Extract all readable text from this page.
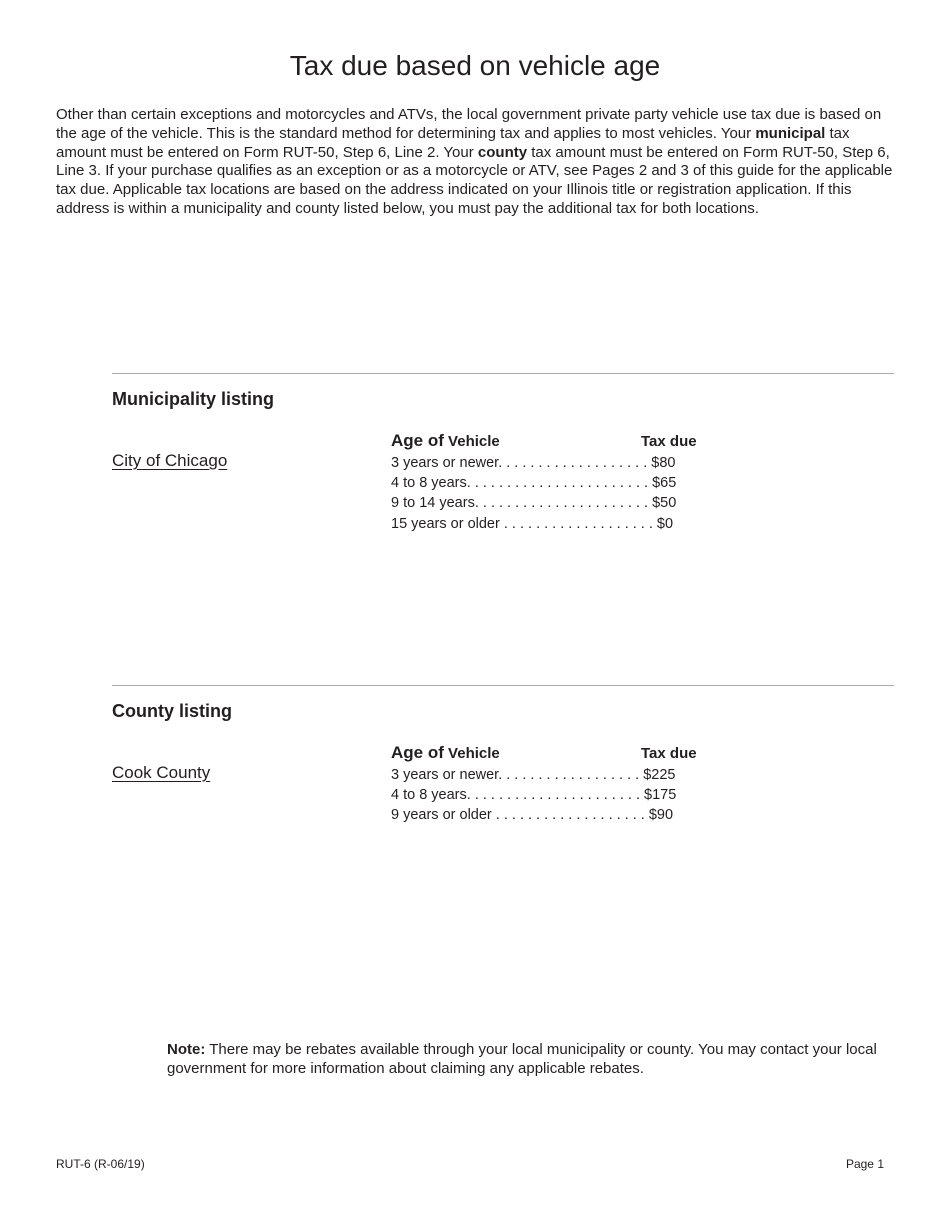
Tax due based on vehicle age

Other than certain exceptions and motorcycles and ATVs, the local government private party vehicle use tax due is based on the age of the vehicle. This is the standard method for determining tax and applies to most vehicles. Your municipal tax amount must be entered on Form RUT-50, Step 6, Line 2. Your county tax amount must be entered on Form RUT-50, Step 6, Line 3. If your purchase qualifies as an exception or as a motorcycle or ATV, see Pages 2 and 3 of this guide for the applicable tax due. Applicable tax locations are based on the address indicated on your Illinois title or registration application. If this address is within a municipality and county listed below, you must pay the additional tax for both locations.

Municipality listing
City of Chicago
Age of Vehicle	Tax due
3 years or newer. . . . . . . . . . . . . . . . . . . $80
4 to 8 years. . . . . . . . . . . . . . . . . . . . . . . $65
9 to 14 years. . . . . . . . . . . . . . . . . . . . . . $50
15 years or older . . . . . . . . . . . . . . . . . . . $0
County listing
Cook County
Age of Vehicle	Tax due
3 years or newer. . . . . . . . . . . . . . . . . . $225
4 to 8 years. . . . . . . . . . . . . . . . . . . . . . $175
9 years or older . . . . . . . . . . . . . . . . . . . $90

Note: There may be rebates available through your local municipality or county. You may contact your local government for more information about claiming any applicable rebates.

RUT-6 (R-06/19)	Page 1
